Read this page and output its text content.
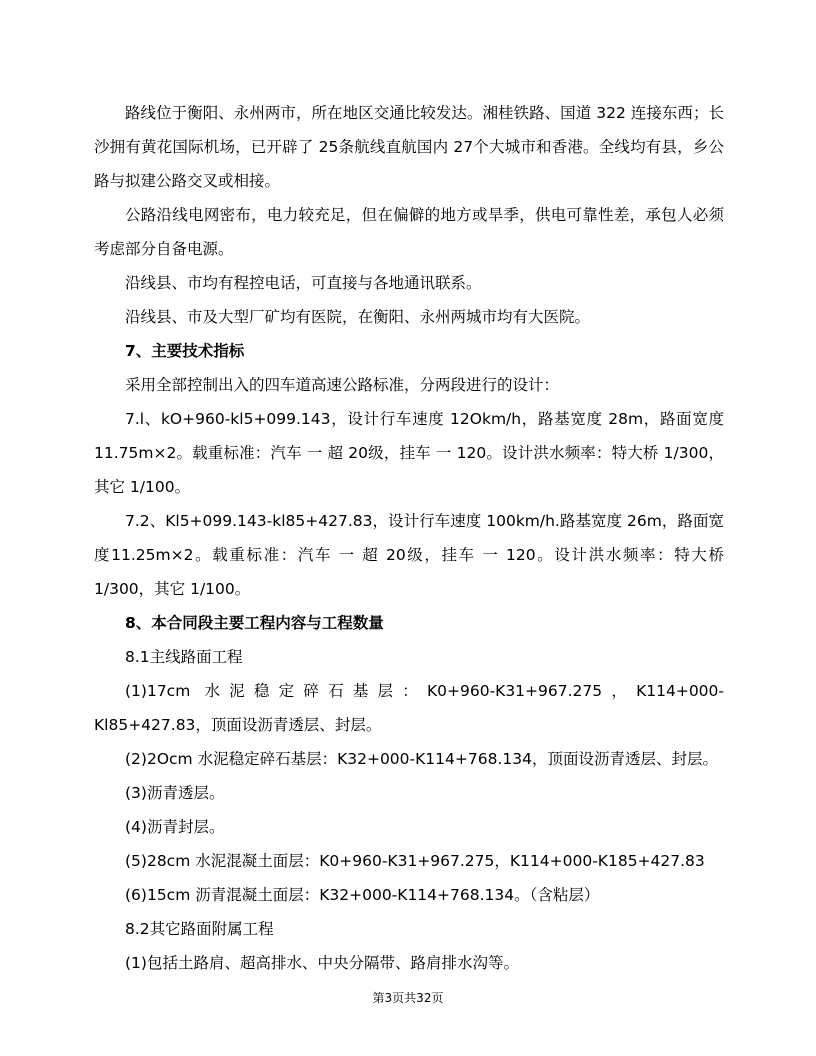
路线位于衡阳、永州两市，所在地区交通比较发达。湘桂铁路、国道 322 连接东西；长沙拥有黄花国际机场，已开辟了 25条航线直航国内 27个大城市和香港。全线均有县，乡公路与拟建公路交叉或相接。

公路沿线电网密布，电力较充足，但在偏僻的地方或旱季，供电可靠性差，承包人必须考虑部分自备电源。

沿线县、市均有程控电话，可直接与各地通讯联系。

沿线县、市及大型厂矿均有医院，在衡阳、永州两城市均有大医院。

7、主要技术指标

采用全部控制出入的四车道高速公路标准，分两段进行的设计：

7.l、kO+960-kl5+099.143，设计行车速度 12Okm/h，路基宽度 28m，路面宽度11.75m×2。载重标准：汽车 一 超 20级，挂车 一 120。设计洪水频率：特大桥 1/300，其它 1/100。

7.2、Kl5+099.143-kl85+427.83，设计行车速度 100km/h.路基宽度 26m，路面宽度11.25m×2。载重标准：汽车 一 超 20级，挂车 一 120。设计洪水频率：特大桥 1/300，其它 1/100。

8、本合同段主要工程内容与工程数量

8.1主线路面工程

(1)17cm 水泥稳定碎石基层：K0+960-K31+967.275，K114+000-Kl85+427.83，顶面设沥青透层、封层。

(2)2Ocm 水泥稳定碎石基层：K32+000-K114+768.134，顶面设沥青透层、封层。

(3)沥青透层。

(4)沥青封层。

(5)28cm 水泥混凝土面层：K0+960-K31+967.275，K114+000-K185+427.83

(6)15cm 沥青混凝土面层：K32+000-K114+768.134。（含粘层）

8.2其它路面附属工程

(1)包括土路肩、超高排水、中央分隔带、路肩排水沟等。

第3页共32页
